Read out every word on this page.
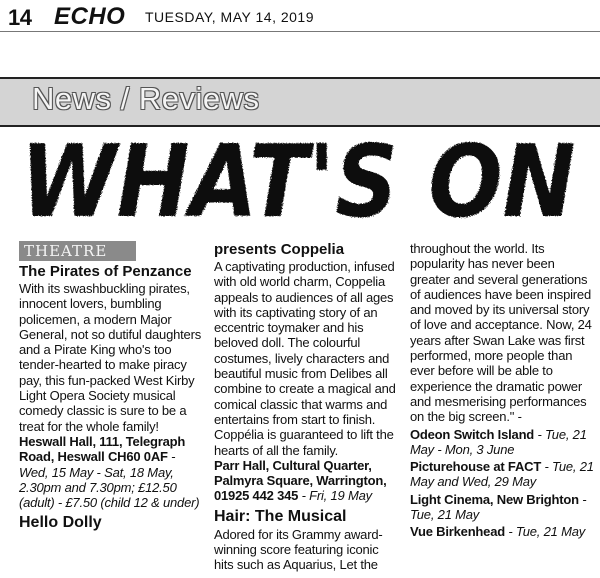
14 ECHO TUESDAY, MAY 14, 2019
News / Reviews
WHAT'S ON
THEATRE
The Pirates of Penzance

With its swashbuckling pirates, innocent lovers, bumbling policemen, a modern Major General, not so dutiful daughters and a Pirate King who's too tender-hearted to make piracy pay, this fun-packed West Kirby Light Opera Society musical comedy classic is sure to be a treat for the whole family!

Heswall Hall, 111, Telegraph Road, Heswall CH60 0AF - Wed, 15 May - Sat, 18 May, 2.30pm and 7.30pm; £12.50 (adult) - £7.50 (child 12 & under)

Hello Dolly
presents Coppelia

A captivating production, infused with old world charm, Coppelia appeals to audiences of all ages with its captivating story of an eccentric toymaker and his beloved doll. The colourful costumes, lively characters and beautiful music from Delibes all combine to create a magical and comical classic that warms and entertains from start to finish. Coppélia is guaranteed to lift the hearts of all the family.

Parr Hall, Cultural Quarter, Palmyra Square, Warrington, 01925 442 345 - Fri, 19 May

Hair: The Musical

Adored for its Grammy award-winning score featuring iconic hits such as Aquarius, Let the

throughout the world. Its popularity has never been greater and several generations of audiences have been inspired and moved by its universal story of love and acceptance. Now, 24 years after Swan Lake was first performed, more people than ever before will be able to experience the dramatic power and mesmerising performances on the big screen." -

Odeon Switch Island - Tue, 21 May - Mon, 3 June

Picturehouse at FACT - Tue, 21 May and Wed, 29 May

Light Cinema, New Brighton - Tue, 21 May

Vue Birkenhead - Tue, 21 May
